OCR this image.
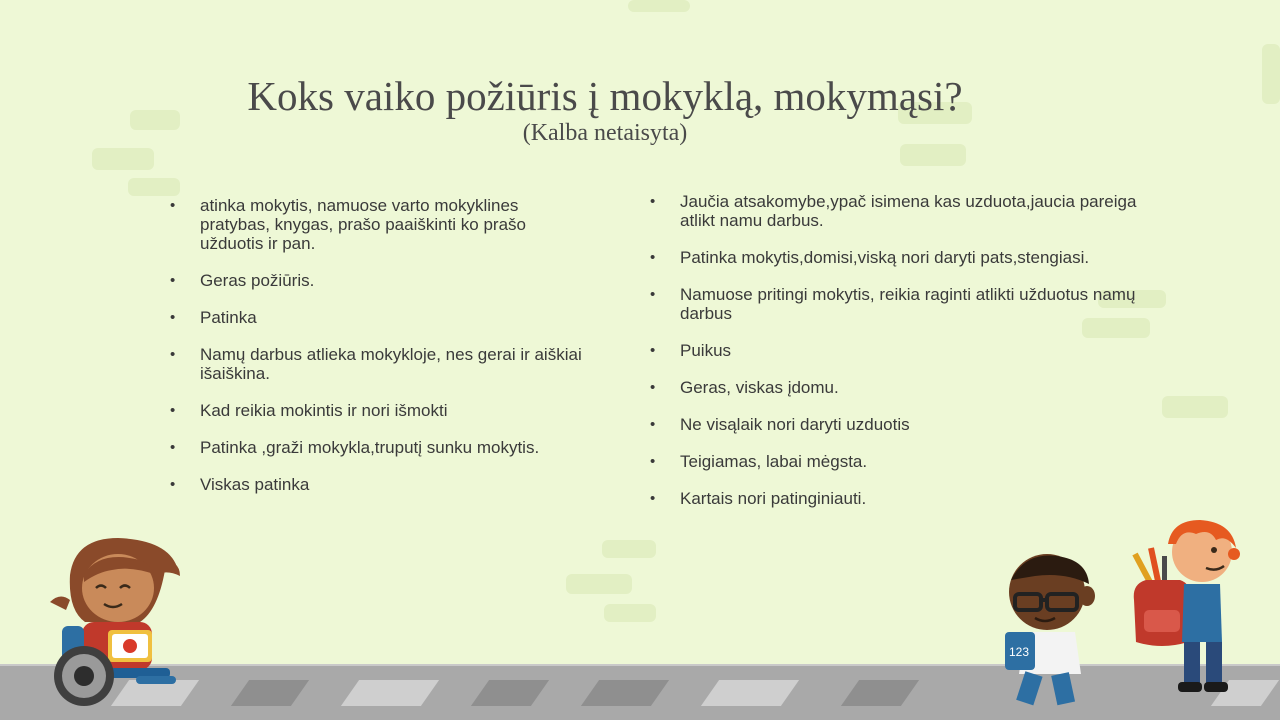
Koks vaiko požiūris į mokyklą, mokymąsi?
(Kalba netaisyta)
• atinka mokytis, namuose varto mokyklines pratybas, knygas, prašo paaiškinti ko prašo užduotis ir pan.
• Geras požiūris.
• Patinka
• Namų darbus atlieka mokykloje, nes gerai ir aiškiai išaiškina.
• Kad reikia mokintis ir nori išmokti
• Patinka ,graži mokykla,truputį sunku mokytis.
• Viskas patinka
• Jaučia atsakomybe,ypač isimena kas uzduota,jaucia pareiga atlikt namu darbus.
• Patinka mokytis,domisi,viską nori daryti pats,stengiasi.
• Namuose pritingi mokytis, reikia raginti atlikti užduotus namų darbus
• Puikus
• Geras, viskas įdomu.
• Ne visąlaik nori daryti uzduotis
• Teigiamas, labai mėgsta.
• Kartais nori patinginiauti.
123
